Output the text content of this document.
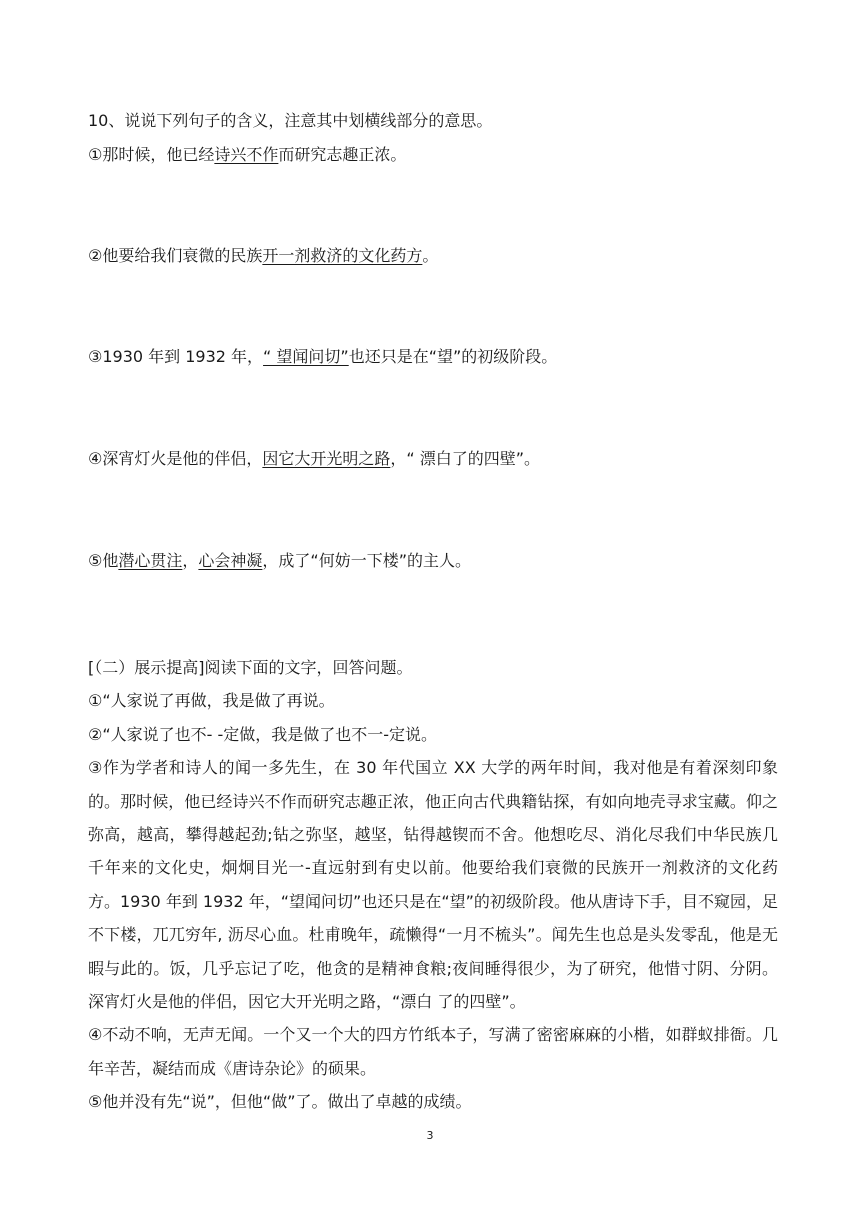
10、说说下列句子的含义，注意其中划横线部分的意思。
①那时候，他已经诗兴不作而研究志趣正浓。
②他要给我们衰微的民族开一剂救济的文化药方。
③1930 年到 1932 年，“ 望闻问切”也还只是在“望”的初级阶段。
④深宵灯火是他的伴侣，因它大开光明之路，“ 漂白了的四壁”。
⑤他潜心贯注，心会神凝，成了“何妨一下楼”的主人。
[（二）展示提高]阅读下面的文字，回答问题。
①“人家说了再做，我是做了再说。
②“人家说了也不- -定做，我是做了也不一-定说。
③作为学者和诗人的闻一多先生，在 30 年代国立 XX 大学的两年时间，我对他是有着深刻印象的。那时候，他已经诗兴不作而研究志趣正浓，他正向古代典籍钻探，有如向地壳寻求宝藏。仰之弥高，越高，攀得越起劲;钻之弥坚，越坚，钻得越锲而不舍。他想吃尽、消化尽我们中华民族几千年来的文化史，炯炯目光一-直远射到有史以前。他要给我们衰微的民族开一剂救济的文化药方。1930 年到 1932 年，“望闻问切”也还只是在“望”的初级阶段。他从唐诗下手，目不窥园，足不下楼，兀兀穷年, 沥尽心血。杜甫晚年，疏懒得“一月不梳头”。闻先生也总是头发零乱，他是无暇与此的。饭，几乎忘记了吃，他贪的是精神食粮;夜间睡得很少，为了研究，他惜寸阴、分阴。深宵灯火是他的伴侣，因它大开光明之路，“漂白 了的四壁”。
④不动不响，无声无闻。一个又一个大的四方竹纸本子，写满了密密麻麻的小楷，如群蚁排衙。几年辛苦，凝结而成《唐诗杂论》的硕果。
⑤他并没有先“说”，但他“做”了。做出了卓越的成绩。
3
